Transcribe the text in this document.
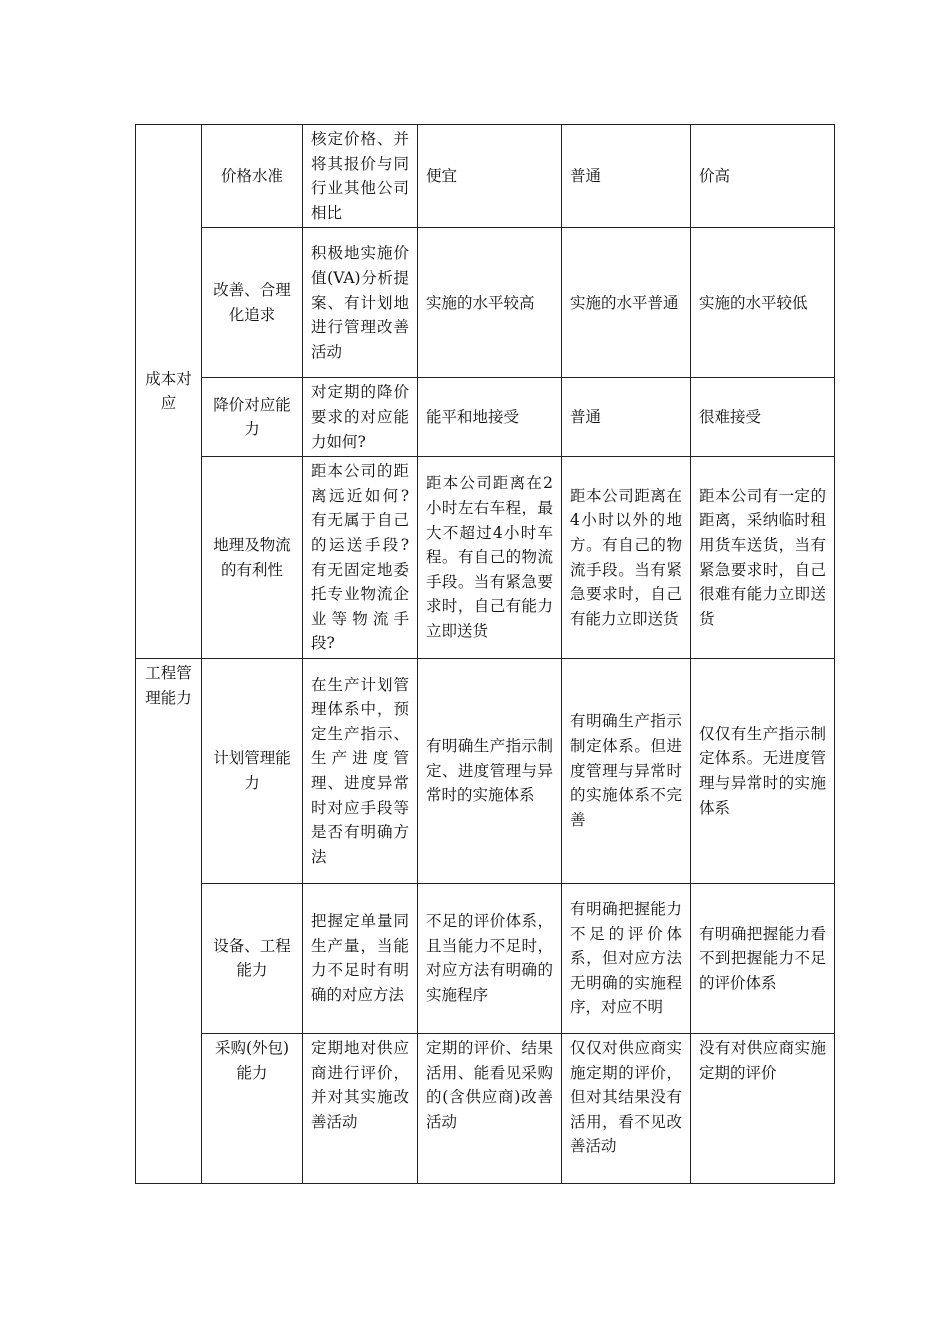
成本对应	价格水准	核定价格、并将其报价与同行业其他公司相比	便宜	普通	价高
	改善、合理化追求	积极地实施价值(VA)分析提案、有计划地进行管理改善活动	实施的水平较高	实施的水平普通	实施的水平较低
	降价对应能力	对定期的降价要求的对应能力如何?	能平和地接受	普通	很难接受
	地理及物流的有利性	距本公司的距离远近如何?有无属于自己的运送手段?有无固定地委托专业物流企业等物流手段?	距本公司距离在2小时左右车程，最大不超过4小时车程。有自己的物流手段。当有紧急要求时，自己有能力立即送货	距本公司距离在4小时以外的地方。有自己的物流手段。当有紧急要求时，自己有能力立即送货	距本公司有一定的距离，采纳临时租用货车送货，当有紧急要求时，自己很难有能力立即送货
工程管理能力	计划管理能力	在生产计划管理体系中，预定生产指示、生产进度管理、进度异常时对应手段等是否有明确方法	有明确生产指示制定、进度管理与异常时的实施体系	有明确生产指示制定体系。但进度管理与异常时的实施体系不完善	仅仅有生产指示制定体系。无进度管理与异常时的实施体系
	设备、工程能力	把握定单量同生产量，当能力不足时有明确的对应方法	不足的评价体系，且当能力不足时，对应方法有明确的实施程序	有明确把握能力不足的评价体系，但对应方法无明确的实施程序，对应不明	有明确把握能力看不到把握能力不足的评价体系
	采购(外包)能力	定期地对供应商进行评价，并对其实施改善活动	定期的评价、结果活用、能看见采购的(含供应商)改善活动	仅仅对供应商实施定期的评价，但对其结果没有活用，看不见改善活动	没有对供应商实施定期的评价
